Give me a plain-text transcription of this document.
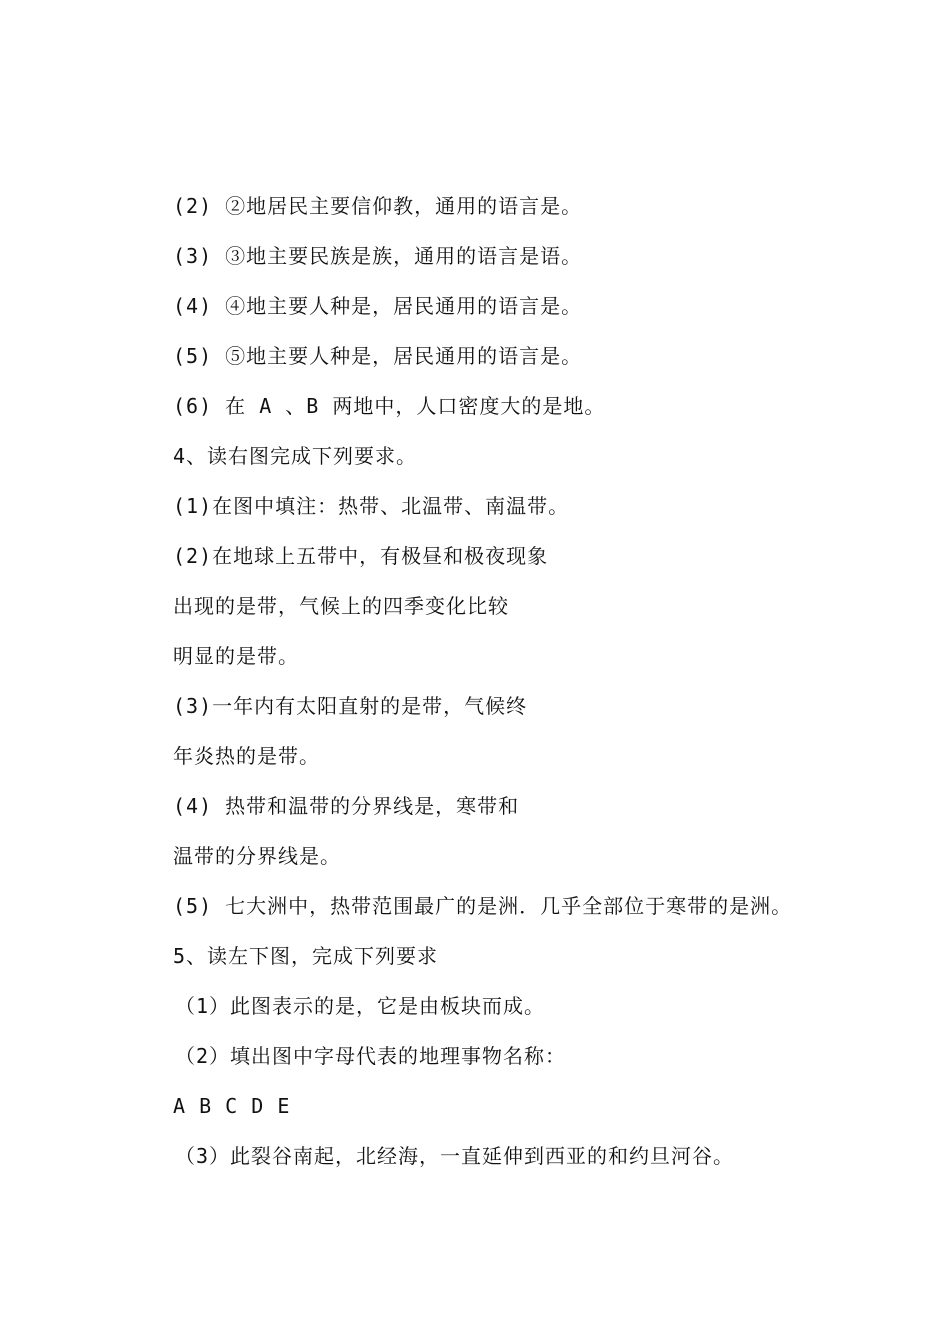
(2) ②地居民主要信仰教，通用的语言是。
(3) ③地主要民族是族，通用的语言是语。
(4) ④地主要人种是，居民通用的语言是。
(5) ⑤地主要人种是，居民通用的语言是。
(6) 在 A 、B 两地中，人口密度大的是地。
4、读右图完成下列要求。
(1)在图中填注：热带、北温带、南温带。
(2)在地球上五带中，有极昼和极夜现象
出现的是带，气候上的四季变化比较
明显的是带。
(3)一年内有太阳直射的是带，气候终
年炎热的是带。
(4) 热带和温带的分界线是，寒带和
温带的分界线是。
(5) 七大洲中，热带范围最广的是洲．几乎全部位于寒带的是洲。
5、读左下图，完成下列要求
（1）此图表示的是，它是由板块而成。
（2）填出图中字母代表的地理事物名称：
A B C D E
（3）此裂谷南起，北经海，一直延伸到西亚的和约旦河谷。
